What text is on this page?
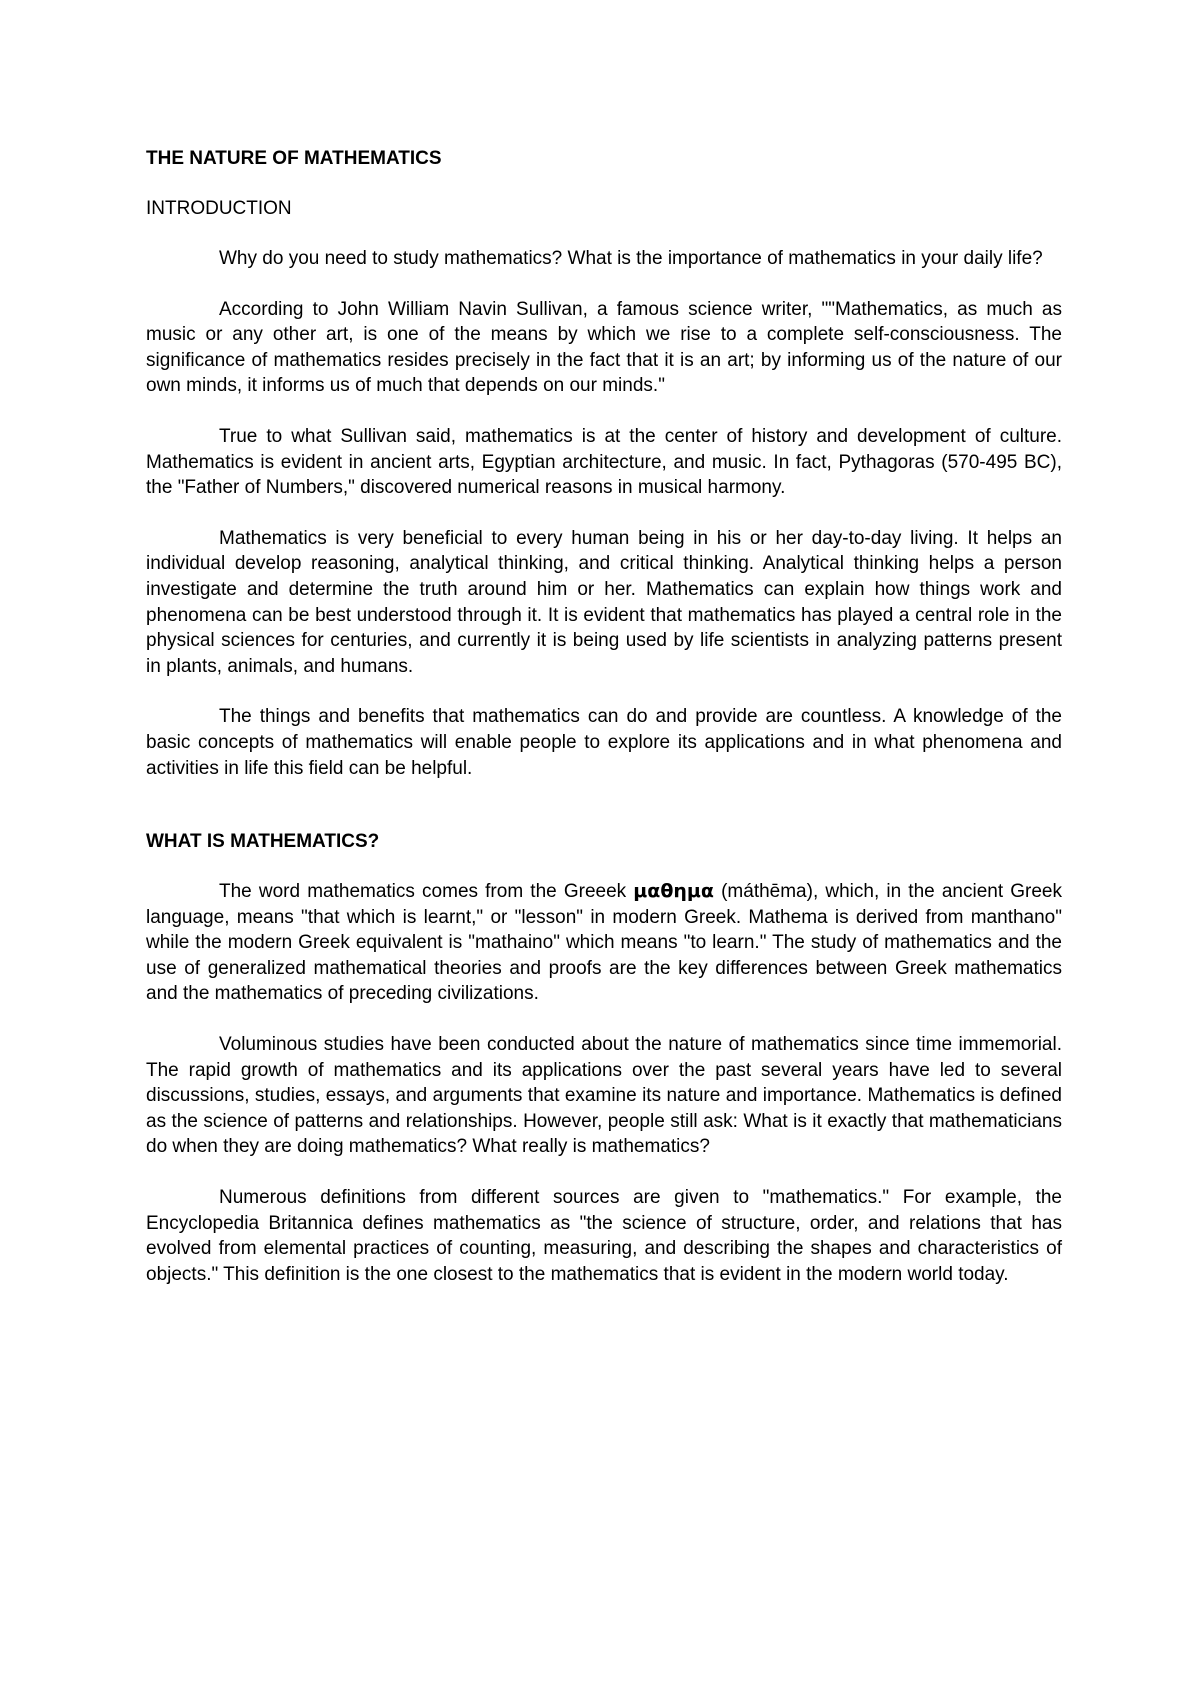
THE NATURE OF MATHEMATICS
INTRODUCTION

Why do you need to study mathematics? What is the importance of mathematics in your daily life?

According to John William Navin Sullivan, a famous science writer, ""Mathematics, as much as music or any other art, is one of the means by which we rise to a complete self-consciousness. The significance of mathematics resides precisely in the fact that it is an art; by informing us of the nature of our own minds, it informs us of much that depends on our minds."

True to what Sullivan said, mathematics is at the center of history and development of culture. Mathematics is evident in ancient arts, Egyptian architecture, and music. In fact, Pythagoras (570-495 BC), the "Father of Numbers," discovered numerical reasons in musical harmony.

Mathematics is very beneficial to every human being in his or her day-to-day living. It helps an individual develop reasoning, analytical thinking, and critical thinking. Analytical thinking helps a person investigate and determine the truth around him or her. Mathematics can explain how things work and phenomena can be best understood through it. It is evident that mathematics has played a central role in the physical sciences for centuries, and currently it is being used by life scientists in analyzing patterns present in plants, animals, and humans.

The things and benefits that mathematics can do and provide are countless. A knowledge of the basic concepts of mathematics will enable people to explore its applications and in what phenomena and activities in life this field can be helpful.

WHAT IS MATHEMATICS?

The word mathematics comes from the Greeek μαθημα (máthēma), which, in the ancient Greek language, means "that which is learnt," or "lesson" in modern Greek. Mathema is derived from manthano" while the modern Greek equivalent is "mathaino" which means "to learn." The study of mathematics and the use of generalized mathematical theories and proofs are the key differences between Greek mathematics and the mathematics of preceding civilizations.

Voluminous studies have been conducted about the nature of mathematics since time immemorial. The rapid growth of mathematics and its applications over the past several years have led to several discussions, studies, essays, and arguments that examine its nature and importance. Mathematics is defined as the science of patterns and relationships. However, people still ask: What is it exactly that mathematicians do when they are doing mathematics? What really is mathematics?

Numerous definitions from different sources are given to "mathematics." For example, the Encyclopedia Britannica defines mathematics as "the science of structure, order, and relations that has evolved from elemental practices of counting, measuring, and describing the shapes and characteristics of objects." This definition is the one closest to the mathematics that is evident in the modern world today.
